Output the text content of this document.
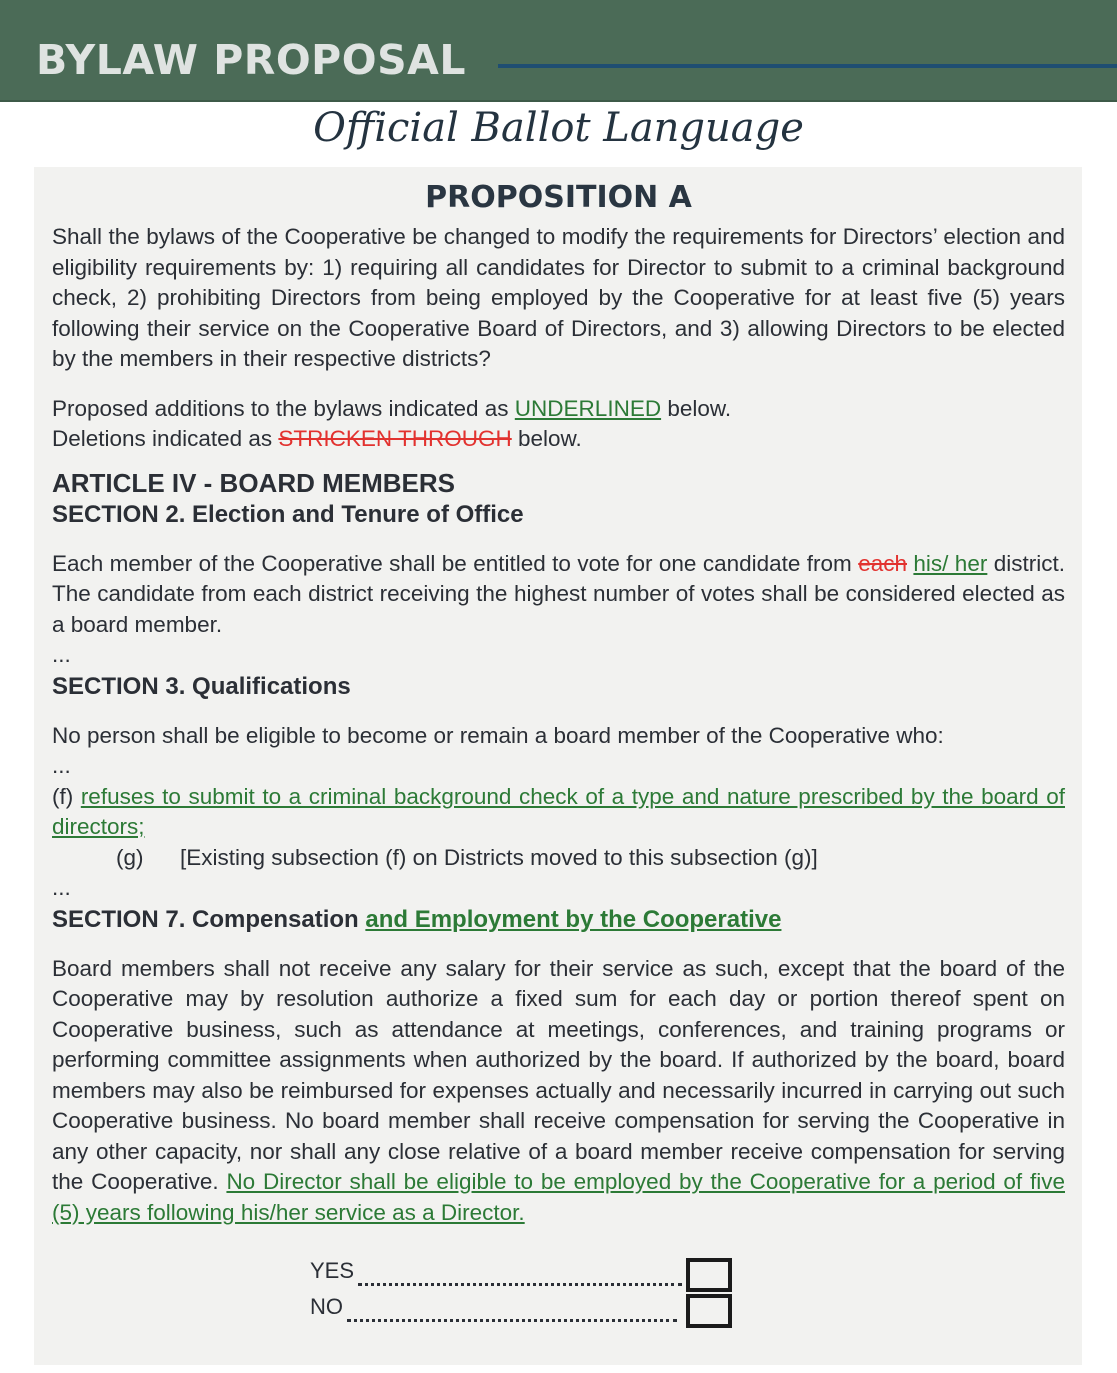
BYLAW PROPOSAL
Official Ballot Language
PROPOSITION A

Shall the bylaws of the Cooperative be changed to modify the requirements for Directors’ election and eligibility requirements by: 1) requiring all candidates for Director to submit to a criminal background check, 2) prohibiting Directors from being employed by the Cooperative for at least five (5) years following their service on the Cooperative Board of Directors, and 3) allowing Directors to be elected by the members in their respective districts?

Proposed additions to the bylaws indicated as UNDERLINED below.

Deletions indicated as STRICKEN THROUGH below.

ARTICLE IV - BOARD MEMBERS

SECTION 2. Election and Tenure of Office

Each member of the Cooperative shall be entitled to vote for one candidate from each his/ her district. The candidate from each district receiving the highest number of votes shall be considered elected as a board member.

...

SECTION 3. Qualifications

No person shall be eligible to become or remain a board member of the Cooperative who:

...

(f) refuses to submit to a criminal background check of a type and nature prescribed by the board of directors;

(g) [Existing subsection (f) on Districts moved to this subsection (g)]

...

SECTION 7. Compensation and Employment by the Cooperative

Board members shall not receive any salary for their service as such, except that the board of the Cooperative may by resolution authorize a fixed sum for each day or portion thereof spent on Cooperative business, such as attendance at meetings, conferences, and training programs or performing committee assignments when authorized by the board. If authorized by the board, board members may also be reimbursed for expenses actually and necessarily incurred in carrying out such Cooperative business. No board member shall receive compensation for serving the Cooperative in any other capacity, nor shall any close relative of a board member receive compensation for serving the Cooperative. No Director shall be eligible to be employed by the Cooperative for a period of five (5) years following his/her service as a Director.

YES
NO
